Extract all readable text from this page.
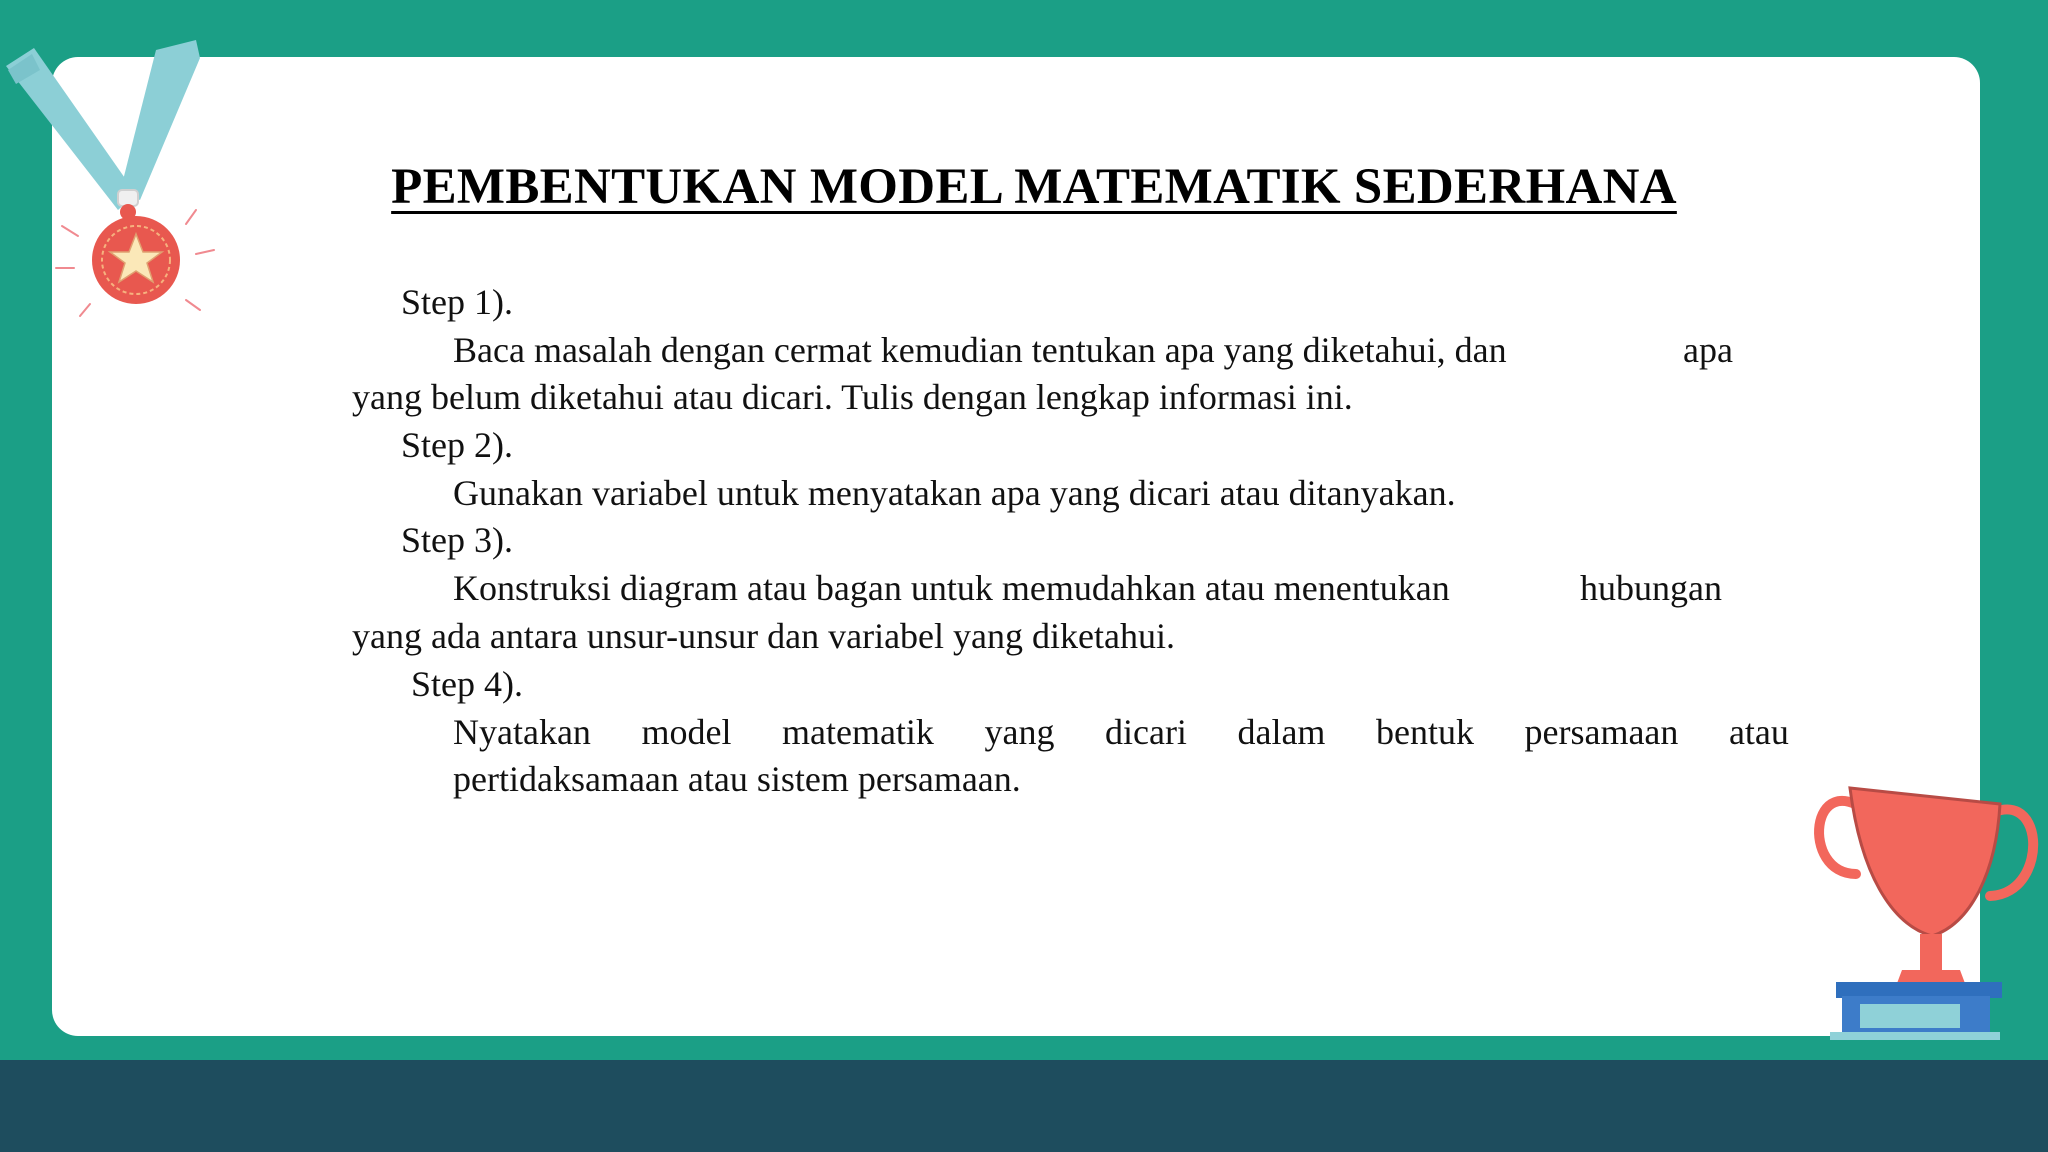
PEMBENTUKAN MODEL MATEMATIK SEDERHANA
Step 1).
Baca masalah dengan cermat kemudian tentukan apa yang diketahui, dan	apa
yang belum diketahui atau dicari. Tulis dengan lengkap informasi ini.
Step 2).
Gunakan variabel untuk menyatakan apa yang dicari atau ditanyakan.
Step 3).
Konstruksi diagram atau bagan untuk memudahkan atau menentukan	hubungan
yang ada antara unsur-unsur dan variabel yang diketahui.
Step 4).
Nyatakan model matematik yang dicari dalam bentuk persamaan atau
pertidaksamaan atau sistem persamaan.
